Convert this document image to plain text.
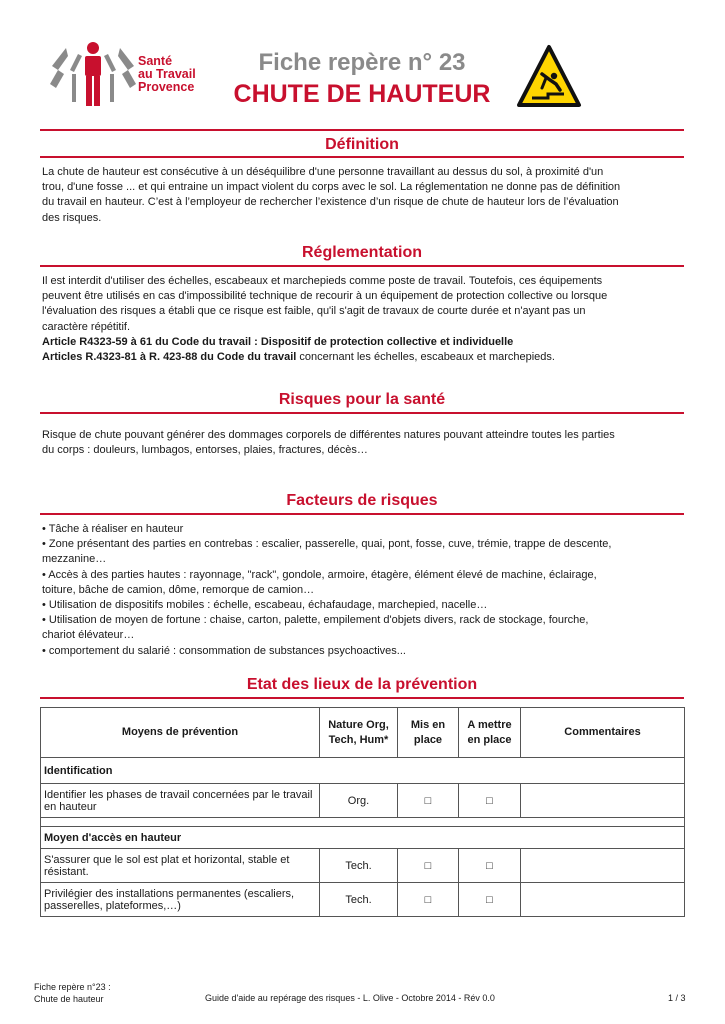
Santé
au Travail
Provence
Fiche repère n° 23
CHUTE DE HAUTEUR
Définition
La chute de hauteur est consécutive à un déséquilibre d'une personne travaillant au dessus du sol, à proximité d'un
trou, d'une fosse ... et qui entraine un impact violent du corps avec le sol. La réglementation ne donne pas de définition
du travail en hauteur. C’est à l’employeur de rechercher l’existence d’un risque de chute de hauteur lors de l’évaluation
des risques.
Réglementation
Il est interdit d'utiliser des échelles, escabeaux et marchepieds comme poste de travail. Toutefois, ces équipements
peuvent être utilisés en cas d'impossibilité technique de recourir à un équipement de protection collective ou lorsque
l'évaluation des risques a établi que ce risque est faible, qu'il s'agit de travaux de courte durée et n'ayant pas un
caractère répétitif.
Article R4323-59 à 61 du Code du travail : Dispositif de protection collective et individuelle
Articles R.4323-81 à R. 423-88 du Code du travail concernant les échelles, escabeaux et marchepieds.
Risques pour la santé
Risque de chute pouvant générer des dommages corporels de différentes natures pouvant atteindre toutes les parties
du corps : douleurs, lumbagos, entorses, plaies, fractures, décès…
Facteurs de risques
• Tâche à réaliser en hauteur
• Zone présentant des parties en contrebas : escalier, passerelle, quai, pont, fosse, cuve, trémie, trappe de descente,
mezzanine…
• Accès à des parties hautes : rayonnage, "rack", gondole, armoire, étagère, élément élevé de machine, éclairage,
toiture, bâche de camion, dôme, remorque de camion…
• Utilisation de dispositifs mobiles : échelle, escabeau, échafaudage, marchepied, nacelle…
• Utilisation de moyen de fortune : chaise, carton, palette, empilement d'objets divers, rack de stockage, fourche,
chariot élévateur…
• comportement du salarié : consommation de substances psychoactives...
Etat des lieux de la prévention
Moyens de prévention	Nature Org, Tech, Hum*	Mis en place	A mettre en place	Commentaires
Identification				
Identifier les phases de travail concernées par le travail en hauteur	Org.	□	□	

Moyen d'accès en hauteur				
S'assurer que le sol est plat et horizontal, stable et résistant.	Tech.	□	□	
Privilégier des installations permanentes (escaliers, passerelles, plateformes,…)	Tech.	□	□	
Fiche repère n°23 :
Chute de hauteur	Guide d'aide au repérage des risques - L. Olive - Octobre 2014 - Rév 0.0	1 / 3
